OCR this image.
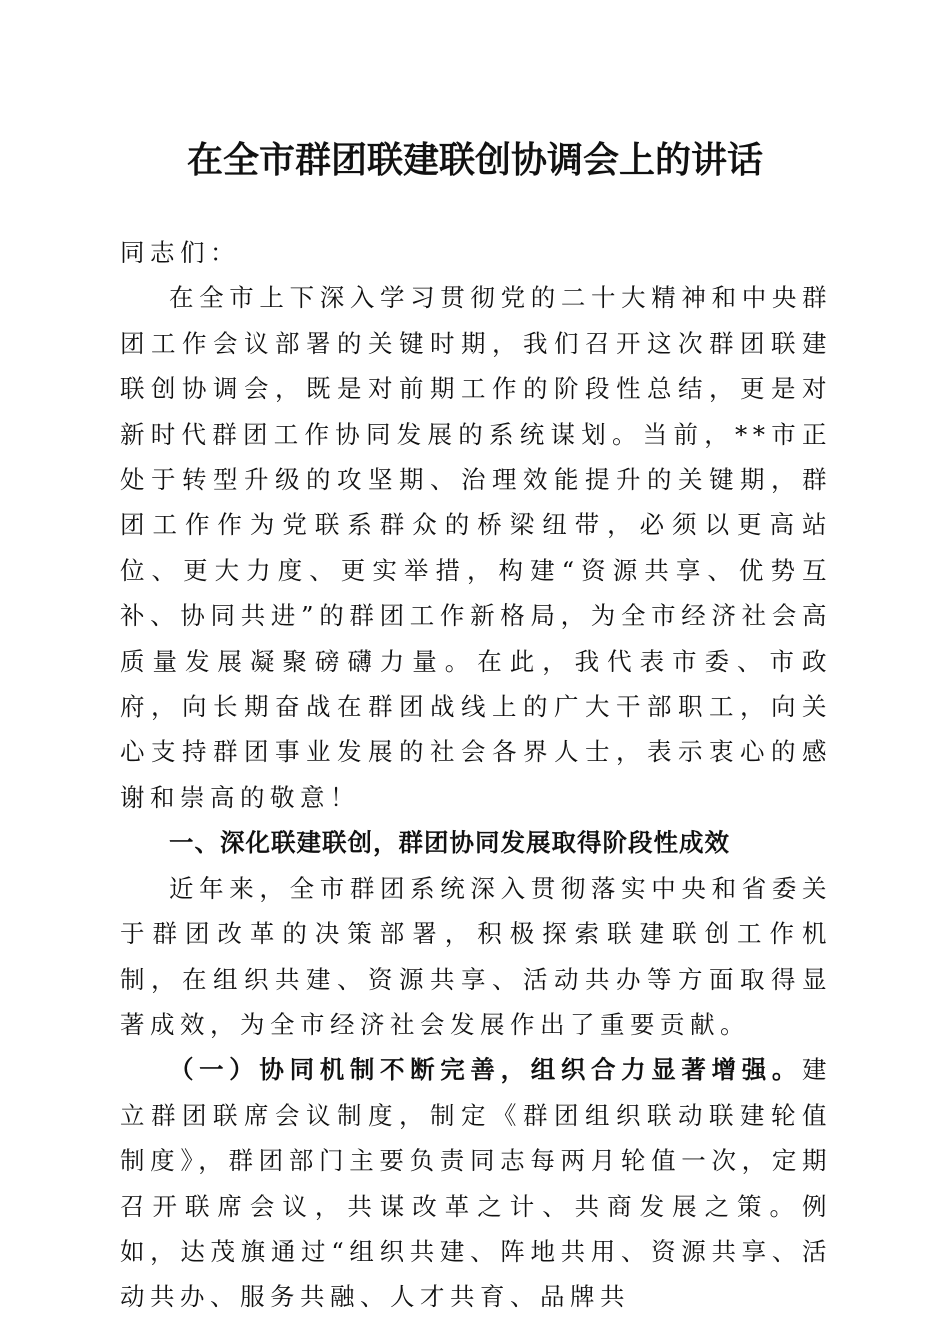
在全市群团联建联创协调会上的讲话

同志们：

在全市上下深入学习贯彻党的二十大精神和中央群团工作会议部署的关键时期，我们召开这次群团联建联创协调会，既是对前期工作的阶段性总结，更是对新时代群团工作协同发展的系统谋划。当前，**市正处于转型升级的攻坚期、治理效能提升的关键期，群团工作作为党联系群众的桥梁纽带，必须以更高站位、更大力度、更实举措，构建“资源共享、优势互补、协同共进”的群团工作新格局，为全市经济社会高质量发展凝聚磅礴力量。在此，我代表市委、市政府，向长期奋战在群团战线上的广大干部职工，向关心支持群团事业发展的社会各界人士，表示衷心的感谢和崇高的敬意！

一、深化联建联创，群团协同发展取得阶段性成效

近年来，全市群团系统深入贯彻落实中央和省委关于群团改革的决策部署，积极探索联建联创工作机制，在组织共建、资源共享、活动共办等方面取得显著成效，为全市经济社会发展作出了重要贡献。

（一）协同机制不断完善，组织合力显著增强。建立群团联席会议制度，制定《群团组织联动联建轮值制度》，群团部门主要负责同志每两月轮值一次，定期召开联席会议，共谋改革之计、共商发展之策。例如，达茂旗通过“组织共建、阵地共用、资源共享、活动共办、服务共融、人才共育、品牌共
